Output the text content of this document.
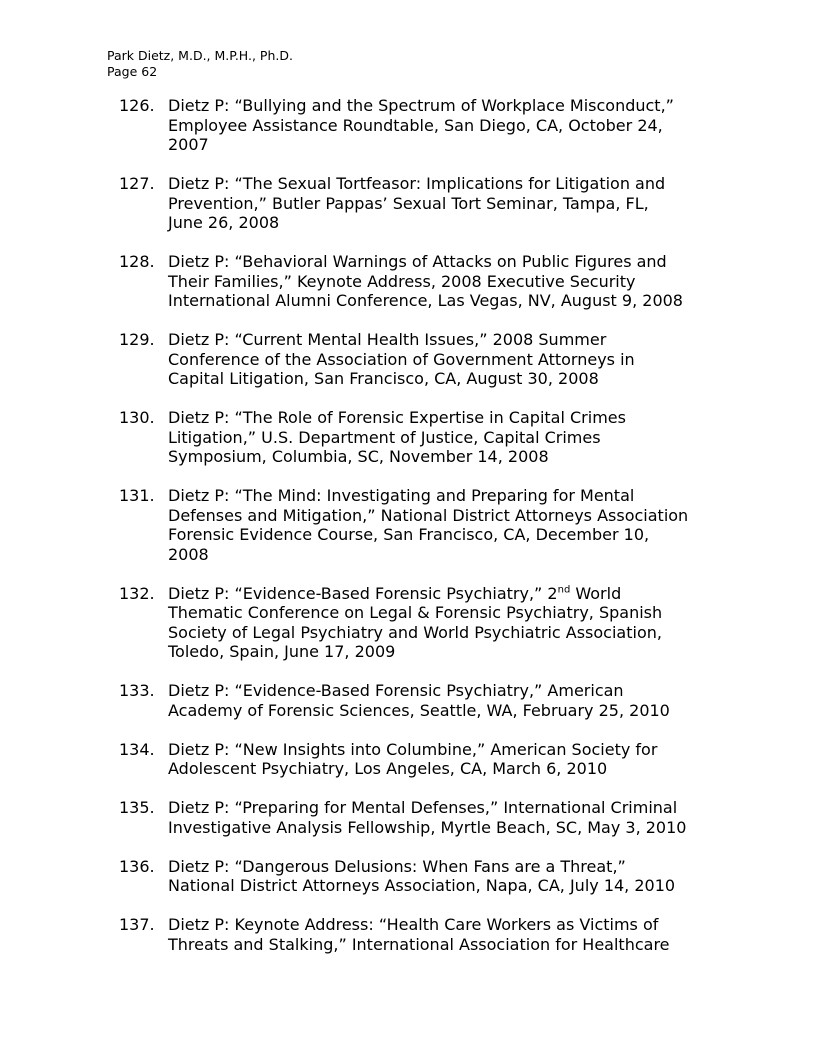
Park Dietz, M.D., M.P.H., Ph.D.
Page 62
126. Dietz P: “Bullying and the Spectrum of Workplace Misconduct,”
Employee Assistance Roundtable, San Diego, CA, October 24,
2007
127. Dietz P: “The Sexual Tortfeasor: Implications for Litigation and
Prevention,” Butler Pappas’ Sexual Tort Seminar, Tampa, FL,
June 26, 2008
128. Dietz P: “Behavioral Warnings of Attacks on Public Figures and
Their Families,” Keynote Address, 2008 Executive Security
International Alumni Conference, Las Vegas, NV, August 9, 2008
129. Dietz P: “Current Mental Health Issues,” 2008 Summer
Conference of the Association of Government Attorneys in
Capital Litigation, San Francisco, CA, August 30, 2008
130. Dietz P: “The Role of Forensic Expertise in Capital Crimes
Litigation,” U.S. Department of Justice, Capital Crimes
Symposium, Columbia, SC, November 14, 2008
131. Dietz P: “The Mind: Investigating and Preparing for Mental
Defenses and Mitigation,” National District Attorneys Association
Forensic Evidence Course, San Francisco, CA, December 10,
2008
132. Dietz P: “Evidence-Based Forensic Psychiatry,” 2nd World
Thematic Conference on Legal & Forensic Psychiatry, Spanish
Society of Legal Psychiatry and World Psychiatric Association,
Toledo, Spain, June 17, 2009
133. Dietz P: “Evidence-Based Forensic Psychiatry,” American
Academy of Forensic Sciences, Seattle, WA, February 25, 2010
134. Dietz P: “New Insights into Columbine,” American Society for
Adolescent Psychiatry, Los Angeles, CA, March 6, 2010
135. Dietz P: “Preparing for Mental Defenses,” International Criminal
Investigative Analysis Fellowship, Myrtle Beach, SC, May 3, 2010
136. Dietz P: “Dangerous Delusions: When Fans are a Threat,”
National District Attorneys Association, Napa, CA, July 14, 2010
137. Dietz P: Keynote Address: “Health Care Workers as Victims of
Threats and Stalking,” International Association for Healthcare
